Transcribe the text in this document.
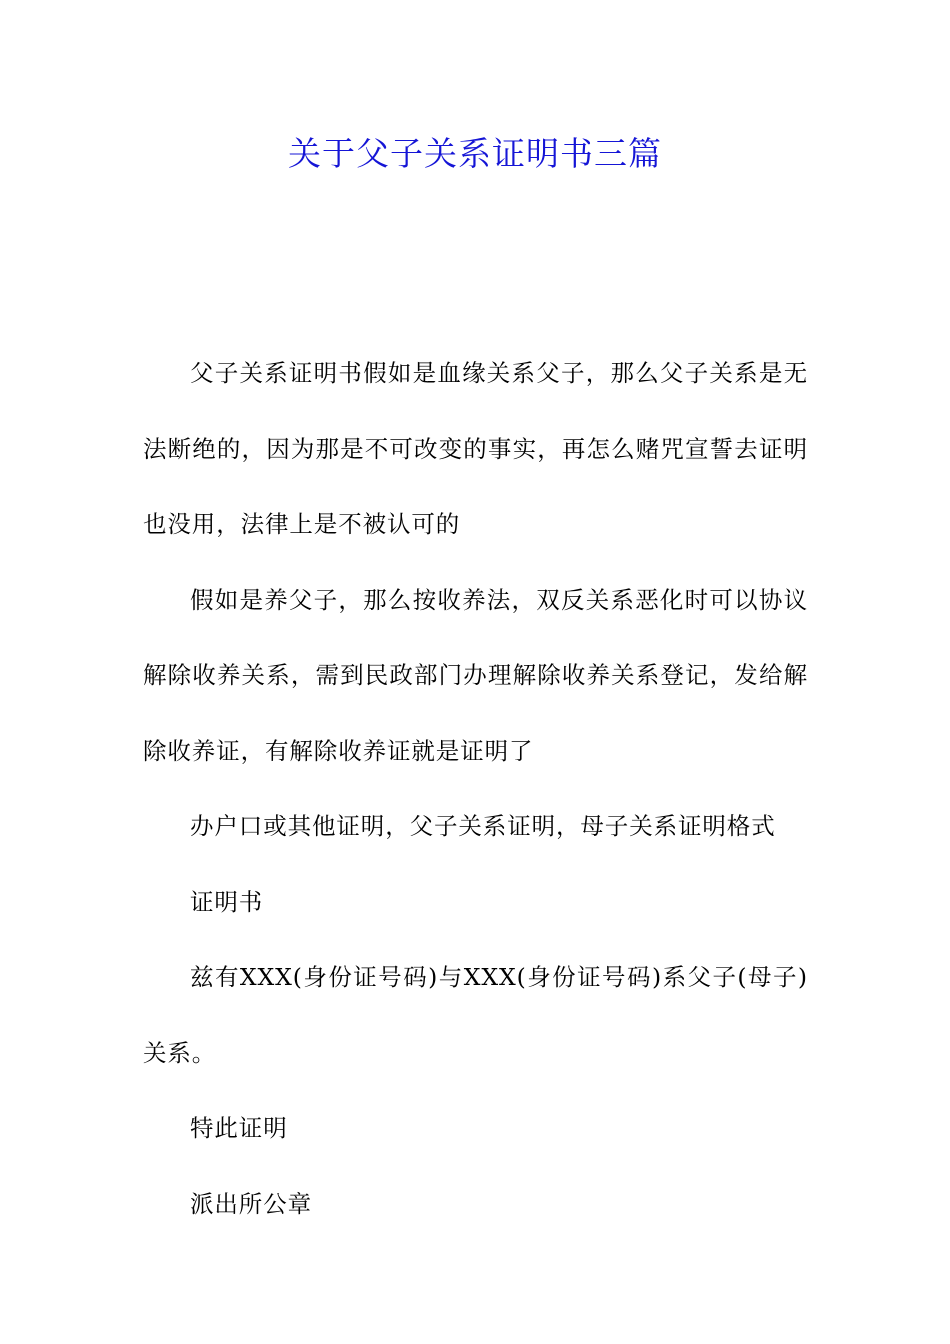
关于父子关系证明书三篇

父子关系证明书假如是血缘关系父子，那么父子关系是无法断绝的，因为那是不可改变的事实，再怎么赌咒宣誓去证明也没用，法律上是不被认可的

假如是养父子，那么按收养法，双反关系恶化时可以协议解除收养关系，需到民政部门办理解除收养关系登记，发给解除收养证，有解除收养证就是证明了

办户口或其他证明，父子关系证明，母子关系证明格式

证明书

兹有XXX(身份证号码)与XXX(身份证号码)系父子(母子)关系。

特此证明

派出所公章
